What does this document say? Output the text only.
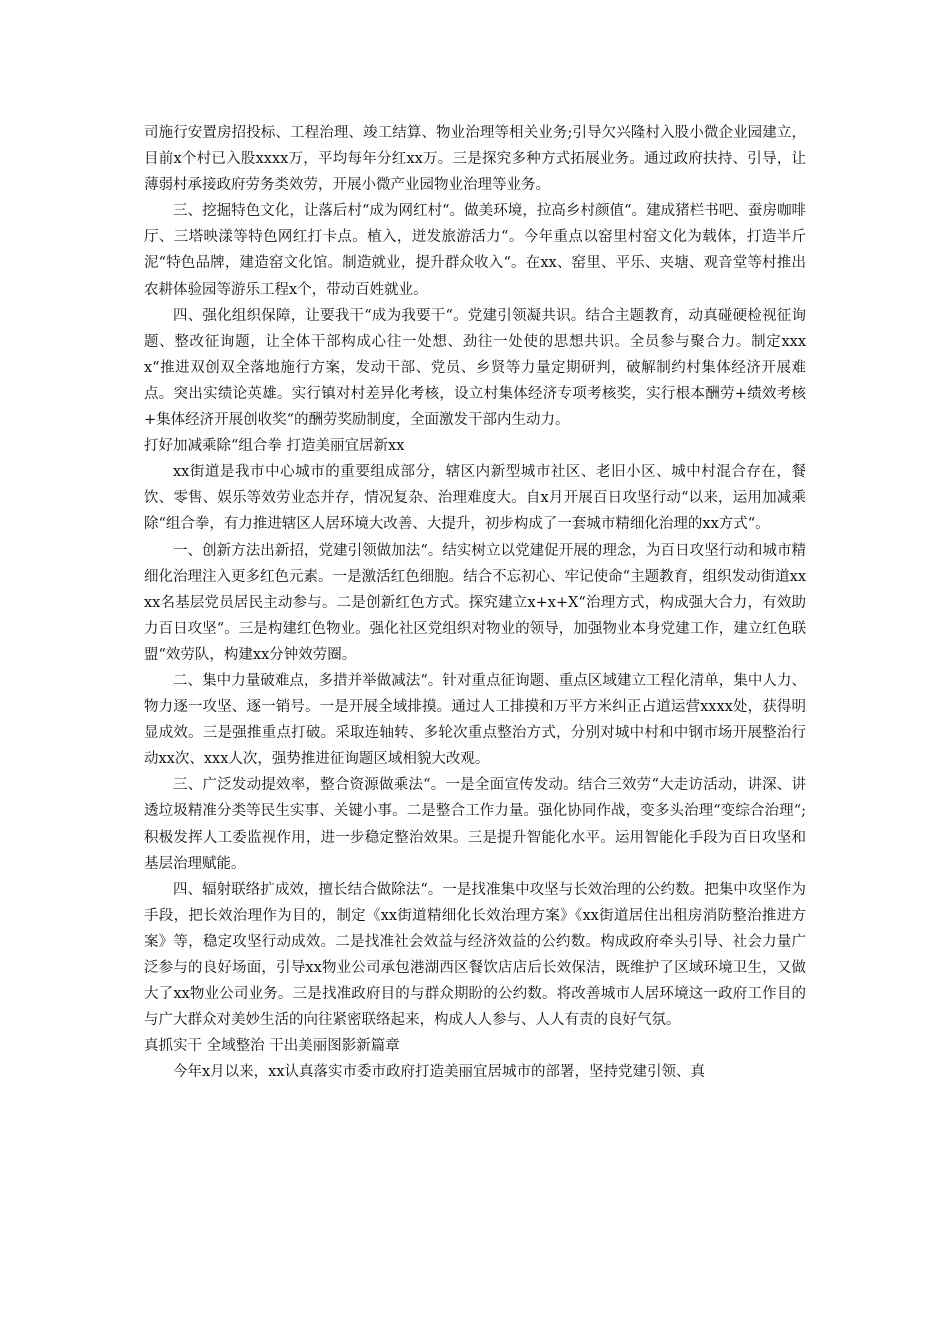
司施行安置房招投标、工程治理、竣工结算、物业治理等相关业务;引导欠兴隆村入股小微企业园建立，目前x个村已入股xxxx万，平均每年分红xx万。三是探究多种方式拓展业务。通过政府扶持、引导，让薄弱村承接政府劳务类效劳，开展小微产业园物业治理等业务。

三、挖掘特色文化，让落后村“成为网红村“。做美环境，拉高乡村颜值“。建成猪栏书吧、蚕房咖啡厅、三塔映漾等特色网红打卡点。植入，迸发旅游活力“。今年重点以窑里村窑文化为载体，打造半斤泥“特色品牌，建造窑文化馆。制造就业，提升群众收入“。在xx、窑里、平乐、夹塘、观音堂等村推出农耕体验园等游乐工程x个，带动百姓就业。

四、强化组织保障，让要我干“成为我要干“。党建引领凝共识。结合主题教育，动真碰硬检视征询题、整改征询题，让全体干部构成心往一处想、劲往一处使的思想共识。全员参与聚合力。制定xxxx“推进双创双全落地施行方案，发动干部、党员、乡贤等力量定期研判，破解制约村集体经济开展难点。突出实绩论英雄。实行镇对村差异化考核，设立村集体经济专项考核奖，实行根本酬劳+绩效考核+集体经济开展创收奖“的酬劳奖励制度，全面激发干部内生动力。

打好加减乘除“组合拳 打造美丽宜居新xx

xx街道是我市中心城市的重要组成部分，辖区内新型城市社区、老旧小区、城中村混合存在，餐饮、零售、娱乐等效劳业态并存，情况复杂、治理难度大。自x月开展百日攻坚行动“以来，运用加减乘除“组合拳，有力推进辖区人居环境大改善、大提升，初步构成了一套城市精细化治理的xx方式“。

一、创新方法出新招，党建引领做加法“。结实树立以党建促开展的理念，为百日攻坚行动和城市精细化治理注入更多红色元素。一是激活红色细胞。结合不忘初心、牢记使命“主题教育，组织发动街道xxxx名基层党员居民主动参与。二是创新红色方式。探究建立x+x+X“治理方式，构成强大合力，有效助力百日攻坚“。三是构建红色物业。强化社区党组织对物业的领导，加强物业本身党建工作，建立红色联盟“效劳队，构建xx分钟效劳圈。

二、集中力量破难点，多措并举做减法“。针对重点征询题、重点区域建立工程化清单，集中人力、物力逐一攻坚、逐一销号。一是开展全域排摸。通过人工排摸和万平方米纠正占道运营xxxx处，获得明显成效。三是强推重点打破。采取连轴转、多轮次重点整治方式，分别对城中村和中钢市场开展整治行动xx次、xxx人次，强势推进征询题区域相貌大改观。

三、广泛发动提效率，整合资源做乘法“。一是全面宣传发动。结合三效劳“大走访活动，讲深、讲透垃圾精准分类等民生实事、关键小事。二是整合工作力量。强化协同作战，变多头治理“变综合治理“;积极发挥人工委监视作用，进一步稳定整治效果。三是提升智能化水平。运用智能化手段为百日攻坚和基层治理赋能。

四、辐射联络扩成效，擅长结合做除法“。一是找准集中攻坚与长效治理的公约数。把集中攻坚作为手段，把长效治理作为目的，制定《xx街道精细化长效治理方案》《xx街道居住出租房消防整治推进方案》等，稳定攻坚行动成效。二是找准社会效益与经济效益的公约数。构成政府牵头引导、社会力量广泛参与的良好场面，引导xx物业公司承包港湖西区餐饮店店后长效保洁，既维护了区域环境卫生，又做大了xx物业公司业务。三是找准政府目的与群众期盼的公约数。将改善城市人居环境这一政府工作目的与广大群众对美妙生活的向往紧密联络起来，构成人人参与、人人有责的良好气氛。

真抓实干 全域整治 干出美丽图影新篇章

今年x月以来，xx认真落实市委市政府打造美丽宜居城市的部署，坚持党建引领、真
